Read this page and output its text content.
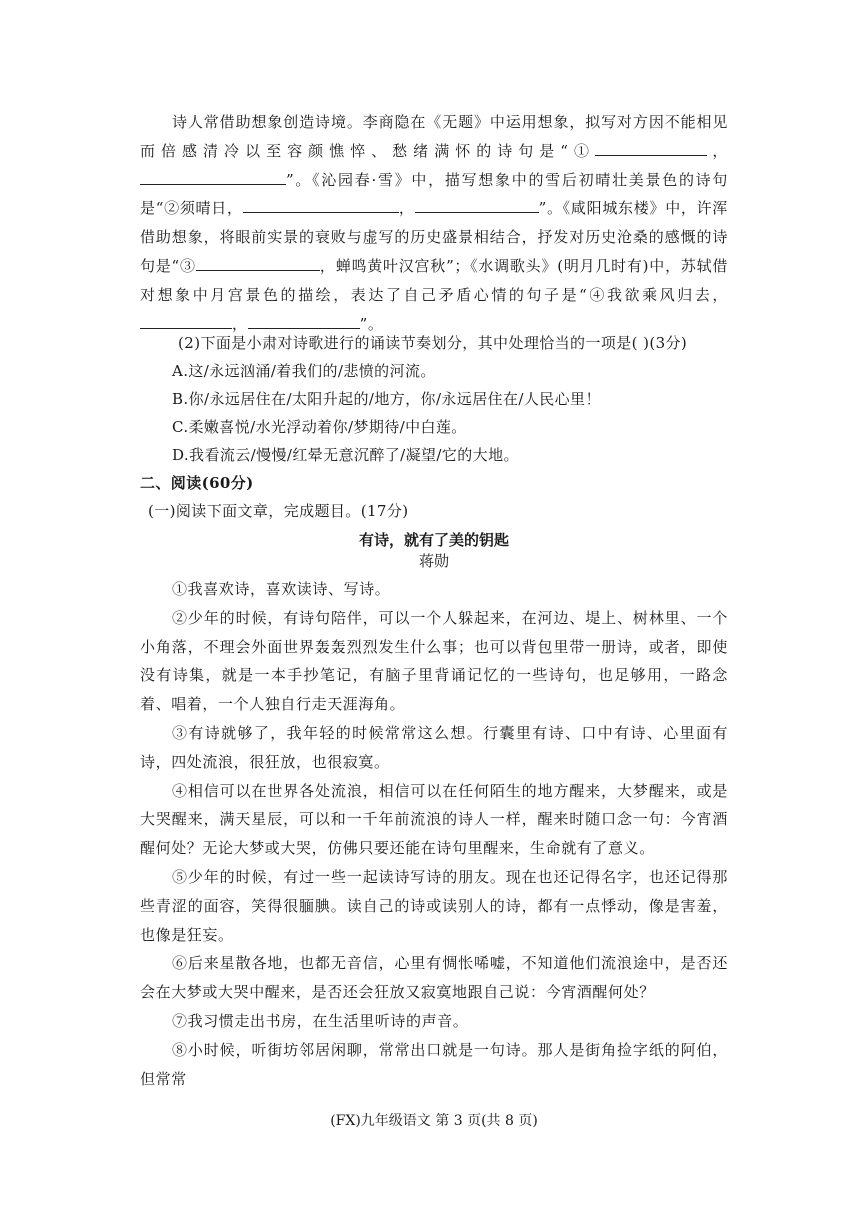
诗人常借助想象创造诗境。李商隐在《无题》中运用想象，拟写对方因不能相见而倍感清冷以至容颜憔悴、愁绪满怀的诗句是“①	，”。《沁园春·雪》中，描写想象中的雪后初晴壮美景色的诗句是“②须晴日，	，	”。《咸阳城东楼》中，许浑借助想象，将眼前实景的衰败与虚写的历史盛景相结合，抒发对历史沧桑的感慨的诗句是“③	，蝉鸣黄叶汉宫秋”；《水调歌头》(明月几时有)中，苏轼借对想象中月宫景色的描绘，表达了自己矛盾心情的句子是“④我欲乘风归去，，	”。

(2)下面是小肃对诗歌进行的诵读节奏划分，其中处理恰当的一项是( )(3分)

A.这/永远汹涌/着我们的/悲愤的河流。

B.你/永远居住在/太阳升起的/地方，你/永远居住在/人民心里！

C.柔嫩喜悦/水光浮动着你/梦期待/中白莲。

D.我看流云/慢慢/红晕无意沉醉了/凝望/它的大地。

二、阅读(60分)

(一)阅读下面文章，完成题目。(17分)

有诗，就有了美的钥匙
蒋勋

①我喜欢诗，喜欢读诗、写诗。

②少年的时候，有诗句陪伴，可以一个人躲起来，在河边、堤上、树林里、一个小角落，不理会外面世界轰轰烈烈发生什么事；也可以背包里带一册诗，或者，即使没有诗集，就是一本手抄笔记，有脑子里背诵记忆的一些诗句，也足够用，一路念着、唱着，一个人独自行走天涯海角。

③有诗就够了，我年轻的时候常常这么想。行囊里有诗、口中有诗、心里面有诗，四处流浪，很狂放，也很寂寞。

④相信可以在世界各处流浪，相信可以在任何陌生的地方醒来，大梦醒来，或是大哭醒来，满天星辰，可以和一千年前流浪的诗人一样，醒来时随口念一句：今宵酒醒何处？无论大梦或大哭，仿佛只要还能在诗句里醒来，生命就有了意义。

⑤少年的时候，有过一些一起读诗写诗的朋友。现在也还记得名字，也还记得那些青涩的面容，笑得很腼腆。读自己的诗或读别人的诗，都有一点悸动，像是害羞，也像是狂妄。

⑥后来星散各地，也都无音信，心里有惆怅唏嘘，不知道他们流浪途中，是否还会在大梦或大哭中醒来，是否还会狂放又寂寞地跟自己说：今宵酒醒何处？

⑦我习惯走出书房，在生活里听诗的声音。

⑧小时候，听街坊邻居闲聊，常常出口就是一句诗。那人是街角捡字纸的阿伯，但常常

(FX)九年级语文 第 3 页(共 8 页)
